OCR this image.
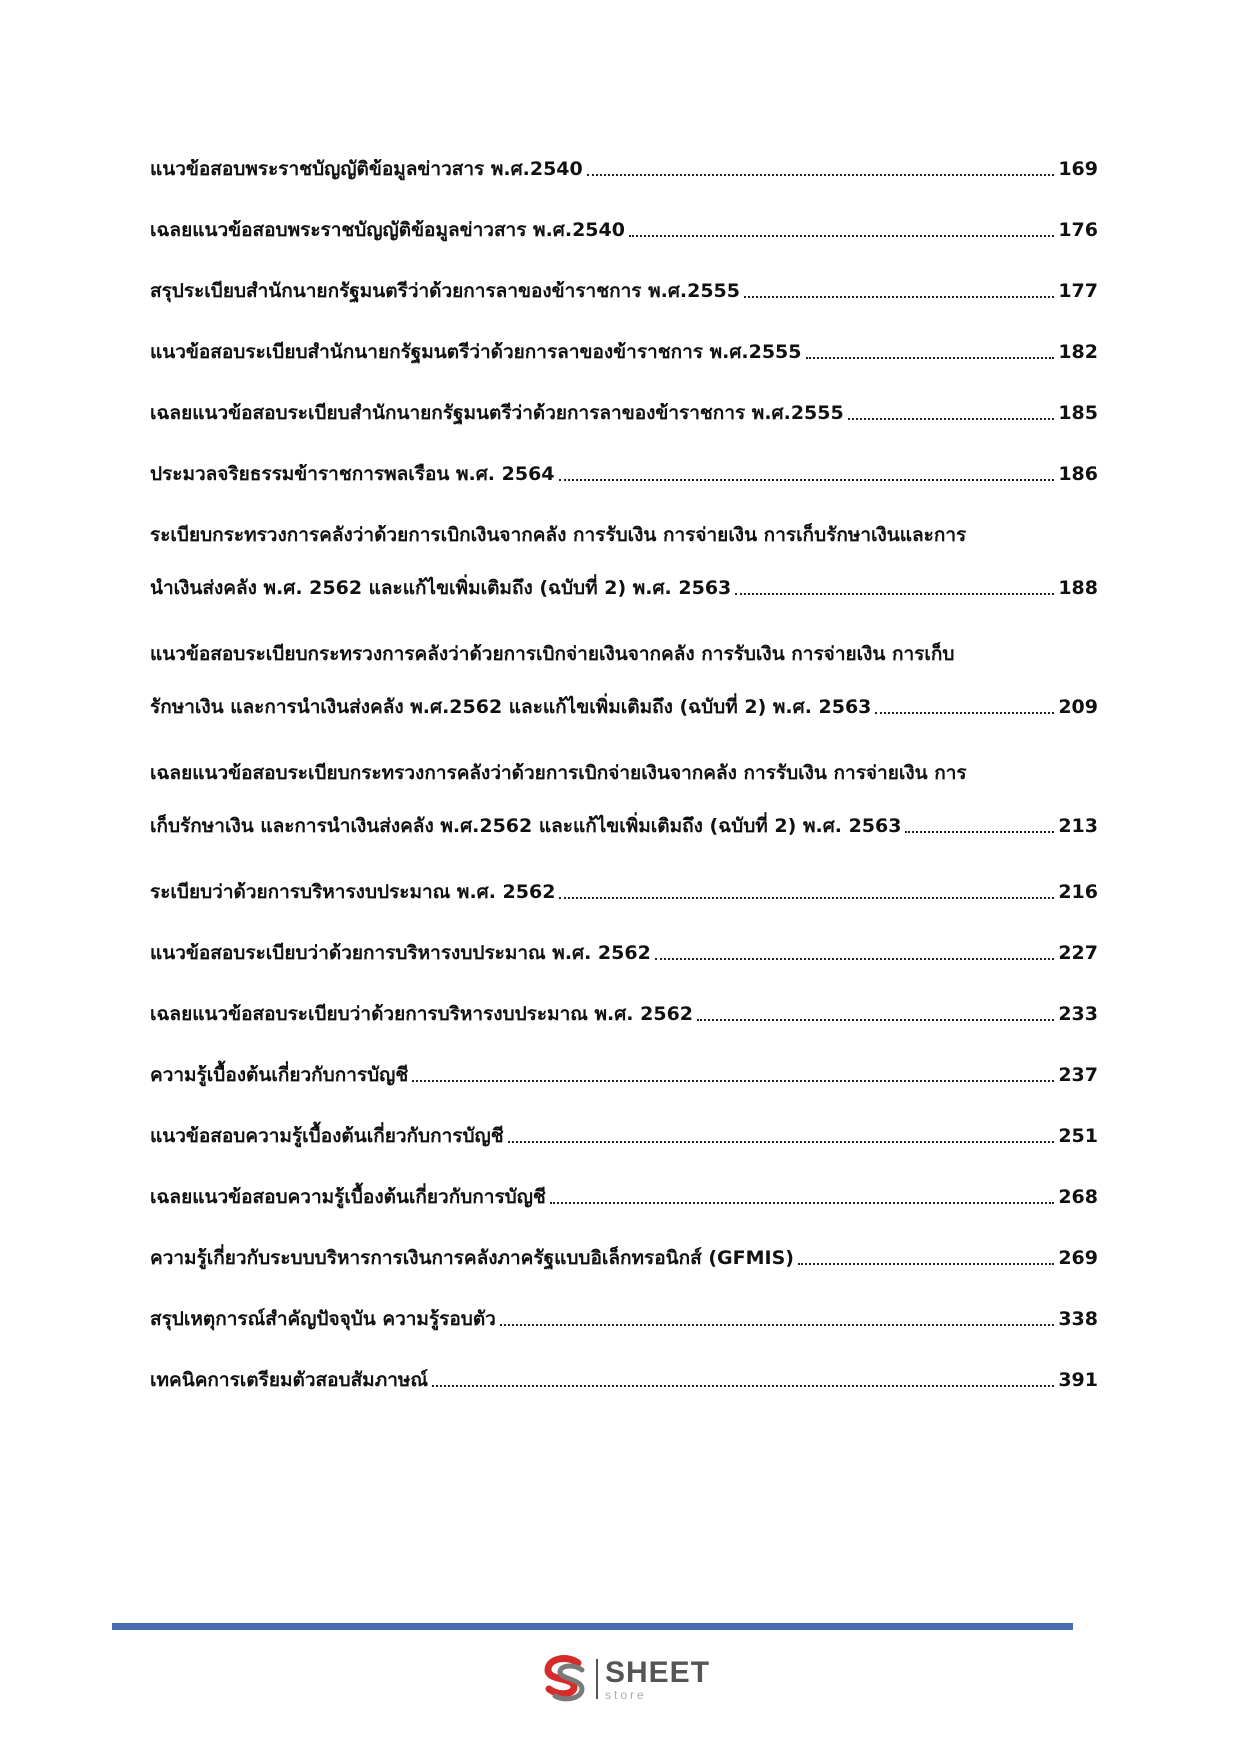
แนวข้อสอบพระราชบัญญัติข้อมูลข่าวสาร พ.ศ.2540	169
เฉลยแนวข้อสอบพระราชบัญญัติข้อมูลข่าวสาร พ.ศ.2540	176
สรุประเบียบสำนักนายกรัฐมนตรีว่าด้วยการลาของข้าราชการ พ.ศ.2555	177
แนวข้อสอบระเบียบสำนักนายกรัฐมนตรีว่าด้วยการลาของข้าราชการ พ.ศ.2555	182
เฉลยแนวข้อสอบระเบียบสำนักนายกรัฐมนตรีว่าด้วยการลาของข้าราชการ พ.ศ.2555	185
ประมวลจริยธรรมข้าราชการพลเรือน พ.ศ. 2564	186
ระเบียบกระทรวงการคลังว่าด้วยการเบิกเงินจากคลัง การรับเงิน การจ่ายเงิน การเก็บรักษาเงินและการ
นำเงินส่งคลัง พ.ศ. 2562 และแก้ไขเพิ่มเติมถึง (ฉบับที่ 2) พ.ศ. 2563	188
แนวข้อสอบระเบียบกระทรวงการคลังว่าด้วยการเบิกจ่ายเงินจากคลัง การรับเงิน การจ่ายเงิน การเก็บ
รักษาเงิน และการนำเงินส่งคลัง พ.ศ.2562 และแก้ไขเพิ่มเติมถึง (ฉบับที่ 2) พ.ศ. 2563	209
เฉลยแนวข้อสอบระเบียบกระทรวงการคลังว่าด้วยการเบิกจ่ายเงินจากคลัง การรับเงิน การจ่ายเงิน การ
เก็บรักษาเงิน และการนำเงินส่งคลัง พ.ศ.2562 และแก้ไขเพิ่มเติมถึง (ฉบับที่ 2) พ.ศ. 2563	213
ระเบียบว่าด้วยการบริหารงบประมาณ พ.ศ. 2562	216
แนวข้อสอบระเบียบว่าด้วยการบริหารงบประมาณ พ.ศ. 2562	227
เฉลยแนวข้อสอบระเบียบว่าด้วยการบริหารงบประมาณ พ.ศ. 2562	233
ความรู้เบื้องต้นเกี่ยวกับการบัญชี	237
แนวข้อสอบความรู้เบื้องต้นเกี่ยวกับการบัญชี	251
เฉลยแนวข้อสอบความรู้เบื้องต้นเกี่ยวกับการบัญชี	268
ความรู้เกี่ยวกับระบบบริหารการเงินการคลังภาครัฐแบบอิเล็กทรอนิกส์ (GFMIS)	269
สรุปเหตุการณ์สำคัญปัจจุบัน ความรู้รอบตัว	338
เทคนิคการเตรียมตัวสอบสัมภาษณ์	391
SHEET
store
